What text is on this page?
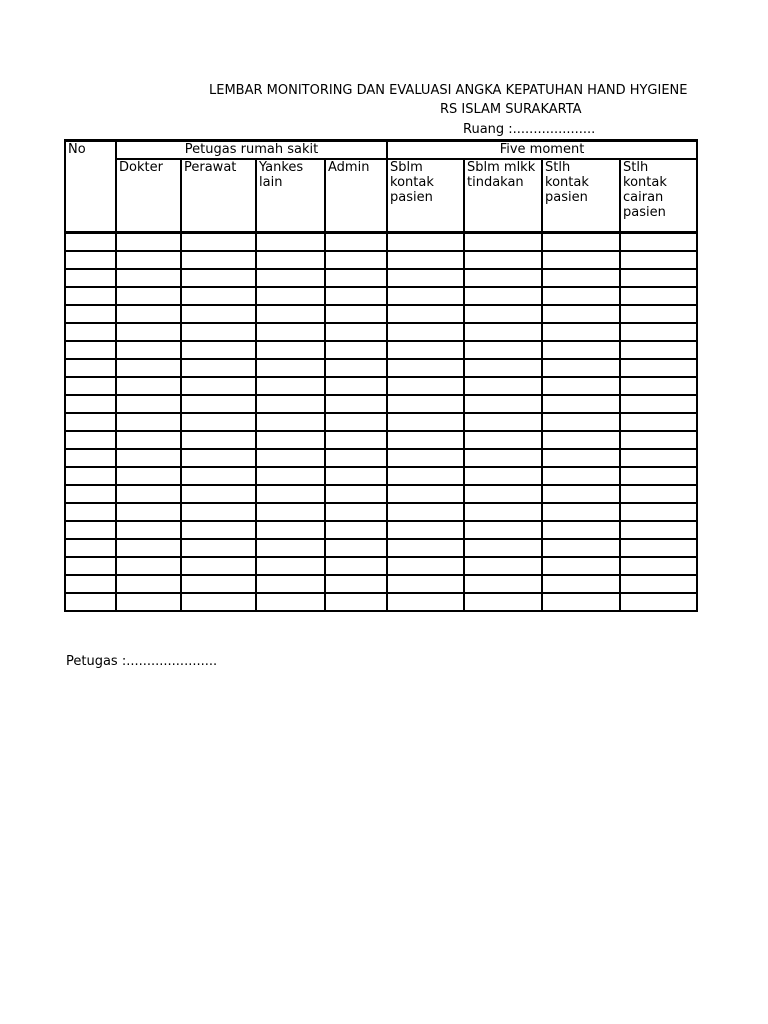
LEMBAR MONITORING DAN EVALUASI ANGKA KEPATUHAN HAND HYGIENE
RS ISLAM SURAKARTA
Ruang :....................
No	Petugas rumah sakit				Five moment			
	Dokter	Perawat	Yankes lain	Admin	Sblm kontak pasien	Sblm mlkk tindakan	Stlh kontak pasien	Stlh kontak cairan pasien

Petugas :......................
